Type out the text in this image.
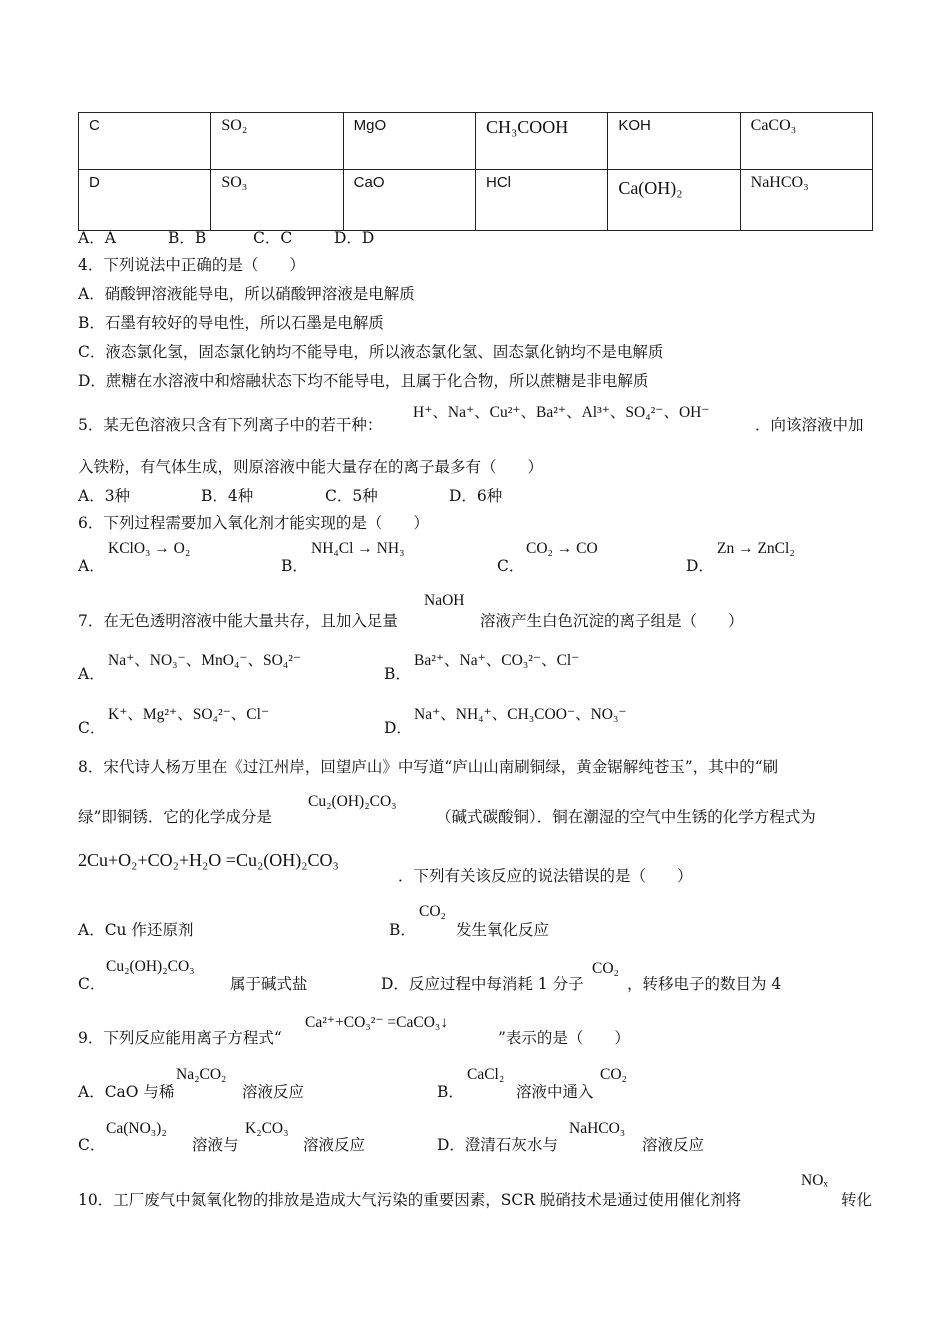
C	SO₂	MgO	CH₃COOH	KOH	CaCO₃
D	SO₃	CaO	HCl	Ca(OH)₂	NaHCO₃
A．A	B．B	C．C	D．D
4．下列说法中正确的是（　　）
A．硝酸钾溶液能导电，所以硝酸钾溶液是电解质
B．石墨有较好的导电性，所以石墨是电解质
C．液态氯化氢，固态氯化钠均不能导电，所以液态氯化氢、固态氯化钠均不是电解质
D．蔗糖在水溶液中和熔融状态下均不能导电，且属于化合物，所以蔗糖是非电解质
5．某无色溶液只含有下列离子中的若干种：
H⁺、Na⁺、Cu²⁺、Ba²⁺、Al³⁺、SO₄²⁻、OH⁻
．向该溶液中加
入铁粉，有气体生成，则原溶液中能大量存在的离子最多有（　　）
A．3种	B．4种	C．5种	D．6种
6．下列过程需要加入氧化剂才能实现的是（　　）
A．
KClO₃ → O₂
B．
NH₄Cl → NH₃
C．
CO₂ → CO
D．
Zn → ZnCl₂
7．在无色透明溶液中能大量共存，且加入足量
NaOH
溶液产生白色沉淀的离子组是（　　）
A．
Na⁺、NO₃⁻、MnO₄⁻、SO₄²⁻
B．
Ba²⁺、Na⁺、CO₃²⁻、Cl⁻
C．
K⁺、Mg²⁺、SO₄²⁻、Cl⁻
D．
Na⁺、NH₄⁺、CH₃COO⁻、NO₃⁻
8．宋代诗人杨万里在《过江州岸，回望庐山》中写道“庐山山南刷铜绿，黄金锯解纯苍玉”，其中的“刷
绿”即铜锈．它的化学成分是
Cu₂(OH)₂CO₃
（碱式碳酸铜）．铜在潮湿的空气中生锈的化学方程式为
2Cu+O₂+CO₂+H₂O =Cu₂(OH)₂CO₃
．下列有关该反应的说法错误的是（　　）
A．Cu 作还原剂	B．
CO₂
发生氧化反应
C．
Cu₂(OH)₂CO₃
属于碱式盐	D．反应过程中每消耗 1 分子
CO₂
，转移电子的数目为 4
9．下列反应能用离子方程式“
Ca²⁺+CO₃²⁻ =CaCO₃↓
”表示的是（　　）
A．CaO 与稀
Na₂CO₂
溶液反应	B．
CaCl₂
溶液中通入
CO₂
C．
Ca(NO₃)₂
溶液与
K₂CO₃
溶液反应	D．澄清石灰水与
NaHCO₃
溶液反应
10．工厂废气中氮氧化物的排放是造成大气污染的重要因素，SCR 脱硝技术是通过使用催化剂将
NOₓ
转化
